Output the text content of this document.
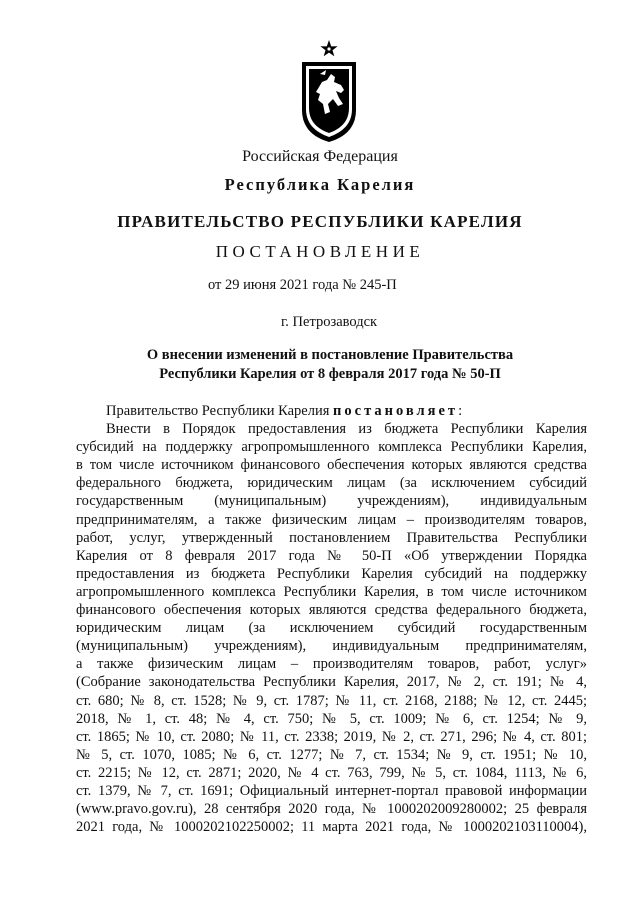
Российская Федерация
Республика Карелия
ПРАВИТЕЛЬСТВО РЕСПУБЛИКИ КАРЕЛИЯ
ПОСТАНОВЛЕНИЕ
от 29 июня 2021 года № 245-П
г. Петрозаводск
О внесении изменений в постановление Правительства
Республики Карелия от 8 февраля 2017 года № 50-П
Правительство Республики Карелия постановляет:
Внести в Порядок предоставления из бюджета Республики Карелия
субсидий на поддержку агропромышленного комплекса Республики Карелия,
в том числе источником финансового обеспечения которых являются средства
федерального бюджета, юридическим лицам (за исключением субсидий
государственным (муниципальным) учреждениям), индивидуальным
предпринимателям, а также физическим лицам – производителям товаров,
работ, услуг, утвержденный постановлением Правительства Республики
Карелия от 8 февраля 2017 года № 50-П «Об утверждении Порядка
предоставления из бюджета Республики Карелия субсидий на поддержку
агропромышленного комплекса Республики Карелия, в том числе источником
финансового обеспечения которых являются средства федерального бюджета,
юридическим лицам (за исключением субсидий государственным
(муниципальным) учреждениям), индивидуальным предпринимателям,
а также физическим лицам – производителям товаров, работ, услуг»
(Собрание законодательства Республики Карелия, 2017, № 2, ст. 191; № 4,
ст. 680; № 8, ст. 1528; № 9, ст. 1787; № 11, ст. 2168, 2188; № 12, ст. 2445;
2018, № 1, ст. 48; № 4, ст. 750; № 5, ст. 1009; № 6, ст. 1254; № 9,
ст. 1865; № 10, ст. 2080; № 11, ст. 2338; 2019, № 2, ст. 271, 296; № 4, ст. 801;
№ 5, ст. 1070, 1085; № 6, ст. 1277; № 7, ст. 1534; № 9, ст. 1951; № 10,
ст. 2215; № 12, ст. 2871; 2020, № 4 ст. 763, 799, № 5, ст. 1084, 1113, № 6,
ст. 1379, № 7, ст. 1691; Официальный интернет-портал правовой информации
(www.pravo.gov.ru), 28 сентября 2020 года, № 1000202009280002; 25 февраля
2021 года, № 1000202102250002; 11 марта 2021 года, № 1000202103110004),
